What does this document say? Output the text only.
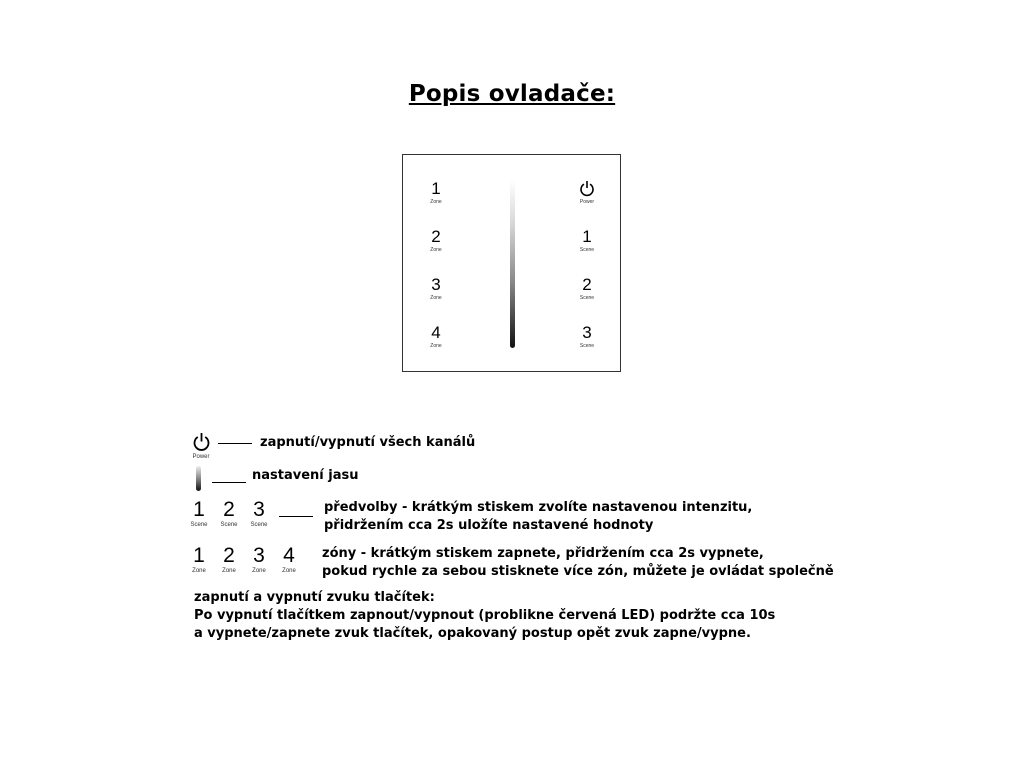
Popis ovladače:
1
Zone
2
Zone
3
Zone
4
Zone
Power
1
Scene
2
Scene
3
Scene
Power
zapnutí/vypnutí všech kanálů
nastavení jasu
1
Scene
2
Scene
3
Scene
předvolby - krátkým stiskem zvolíte nastavenou intenzitu,
přidržením cca 2s uložíte nastavené hodnoty
1
Zone
2
Zone
3
Zone
4
Zone
zóny - krátkým stiskem zapnete, přidržením cca 2s vypnete,
pokud rychle za sebou stisknete více zón, můžete je ovládat společně
zapnutí a vypnutí zvuku tlačítek:
Po vypnutí tlačítkem zapnout/vypnout (problikne červená LED) podržte cca 10s
a vypnete/zapnete zvuk tlačítek, opakovaný postup opět zvuk zapne/vypne.
